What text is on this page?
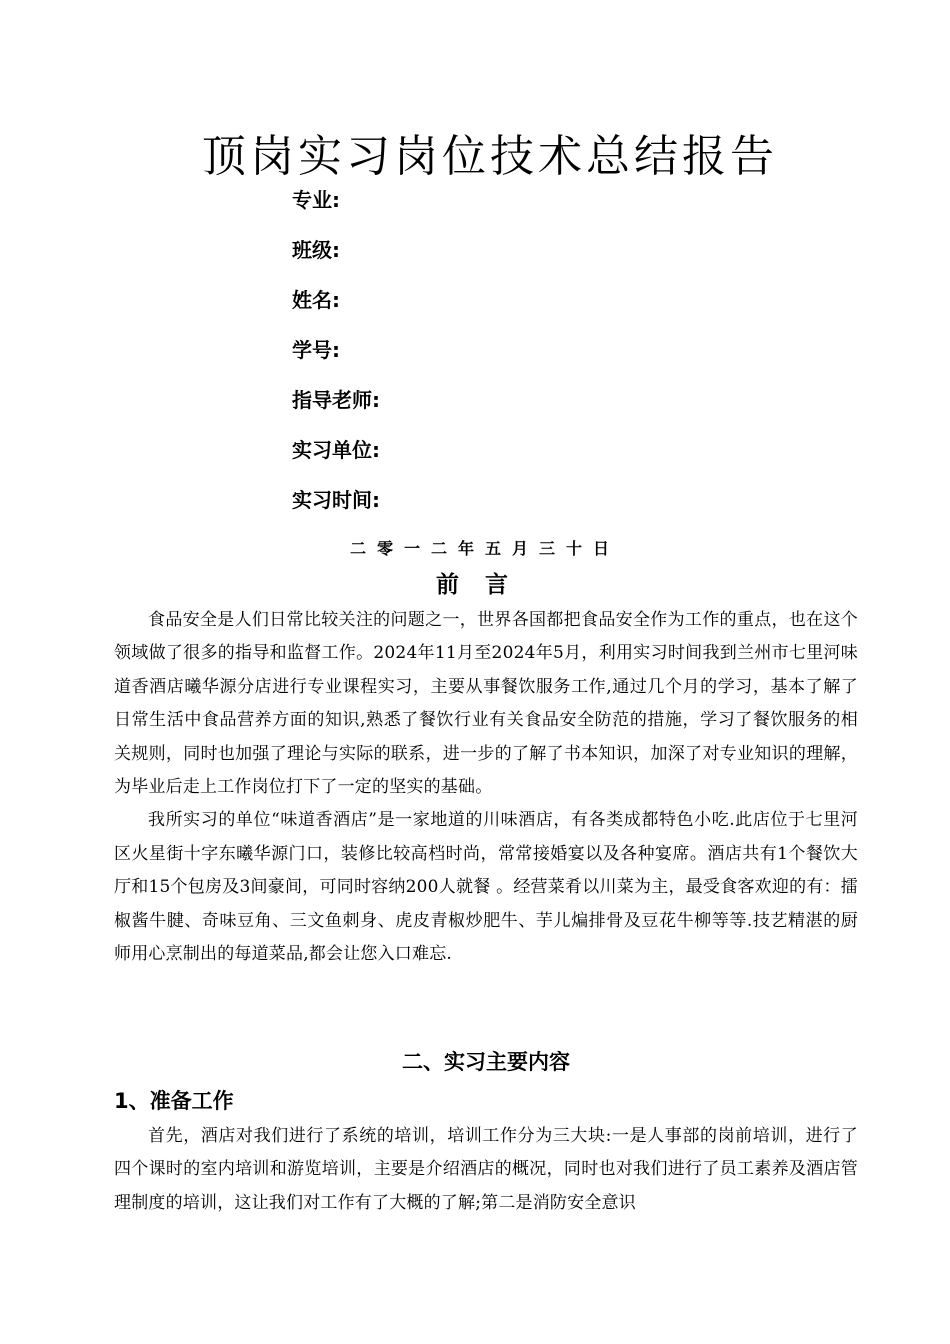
顶岗实习岗位技术总结报告
专业:
班级:
姓名:
学号:
指导老师:
实习单位:
实习时间:
二零一二年五月三十日
前言

食品安全是人们日常比较关注的问题之一，世界各国都把食品安全作为工作的重点，也在这个领域做了很多的指导和监督工作。2024年11月至2024年5月，利用实习时间我到兰州市七里河味道香酒店曦华源分店进行专业课程实习，主要从事餐饮服务工作,通过几个月的学习，基本了解了日常生活中食品营养方面的知识,熟悉了餐饮行业有关食品安全防范的措施，学习了餐饮服务的相关规则，同时也加强了理论与实际的联系，进一步的了解了书本知识，加深了对专业知识的理解，为毕业后走上工作岗位打下了一定的坚实的基础。

我所实习的单位“味道香酒店”是一家地道的川味酒店，有各类成都特色小吃.此店位于七里河区火星街十字东曦华源门口，装修比较高档时尚，常常接婚宴以及各种宴席。酒店共有1个餐饮大厅和15个包房及3间豪间，可同时容纳200人就餐 。经营菜肴以川菜为主，最受食客欢迎的有：擂椒酱牛腱、奇味豆角、三文鱼刺身、虎皮青椒炒肥牛、芋儿煸排骨及豆花牛柳等等.技艺精湛的厨师用心烹制出的每道菜品,都会让您入口难忘.

二、实习主要内容
1、准备工作

首先，酒店对我们进行了系统的培训，培训工作分为三大块:一是人事部的岗前培训，进行了四个课时的室内培训和游览培训，主要是介绍酒店的概况，同时也对我们进行了员工素养及酒店管理制度的培训，这让我们对工作有了大概的了解;第二是消防安全意识
